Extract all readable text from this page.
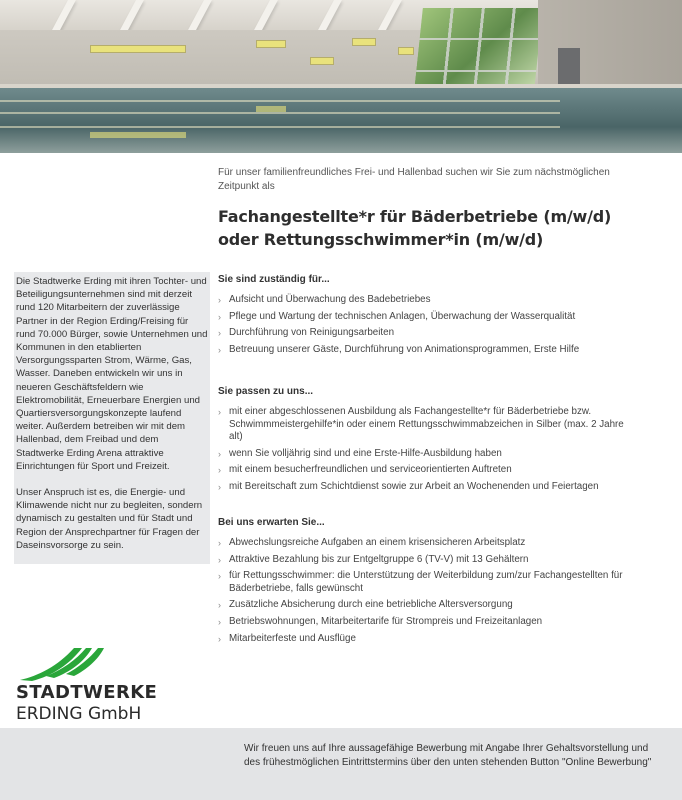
Für unser familienfreundliches Frei- und Hallenbad suchen wir Sie zum nächstmöglichen Zeitpunkt als
Fachangestellte*r für Bäderbetriebe (m/w/d)
oder Rettungsschwimmer*in (m/w/d)

Die Stadtwerke Erding mit ihren Tochter- und Beteiligungsunternehmen sind mit derzeit rund 120 Mitarbeitern der zuverlässige Partner in der Region Erding/Freising für rund 70.000 Bürger, sowie Unternehmen und Kommunen in den etablierten Versorgungssparten Strom, Wärme, Gas, Wasser. Daneben entwickeln wir uns in neueren Geschäftsfeldern wie Elektromobilität, Erneuerbare Energien und Quartiersversorgungskonzepte laufend weiter. Außerdem betreiben wir mit dem Hallenbad, dem Freibad und dem Stadtwerke Erding Arena attraktive Einrichtungen für Sport und Freizeit.

Unser Anspruch ist es, die Energie- und Klimawende nicht nur zu begleiten, sondern dynamisch zu gestalten und für Stadt und Region der Ansprechpartner für Fragen der Daseinsvorsorge zu sein.

Sie sind zuständig für...
› Aufsicht und Überwachung des Badebetriebes
› Pflege und Wartung der technischen Anlagen, Überwachung der Wasserqualität
› Durchführung von Reinigungsarbeiten
› Betreuung unserer Gäste, Durchführung von Animationsprogrammen, Erste Hilfe
Sie passen zu uns...
› mit einer abgeschlossenen Ausbildung als Fachangestellte*r für Bäderbetriebe bzw. Schwimmmeistergehilfe*in oder einem Rettungsschwimmabzeichen in Silber (max. 2 Jahre alt)
› wenn Sie volljährig sind und eine Erste-Hilfe-Ausbildung haben
› mit einem besucherfreundlichen und serviceorientierten Auftreten
› mit Bereitschaft zum Schichtdienst sowie zur Arbeit an Wochenenden und Feiertagen
Bei uns erwarten Sie...
› Abwechslungsreiche Aufgaben an einem krisensicheren Arbeitsplatz
› Attraktive Bezahlung bis zur Entgeltgruppe 6 (TV-V) mit 13 Gehältern
› für Rettungsschwimmer: die Unterstützung der Weiterbildung zum/zur Fachangestellten für Bäderbetriebe, falls gewünscht
› Zusätzliche Absicherung durch eine betriebliche Altersversorgung
› Betriebswohnungen, Mitarbeitertarife für Strompreis und Freizeitanlagen
› Mitarbeiterfeste und Ausflüge
STADTWERKE
ERDING GmbH
Wir freuen uns auf Ihre aussagefähige Bewerbung mit Angabe Ihrer Gehaltsvorstellung und des frühestmöglichen Eintrittstermins über den unten stehenden Button "Online Bewerbung"
